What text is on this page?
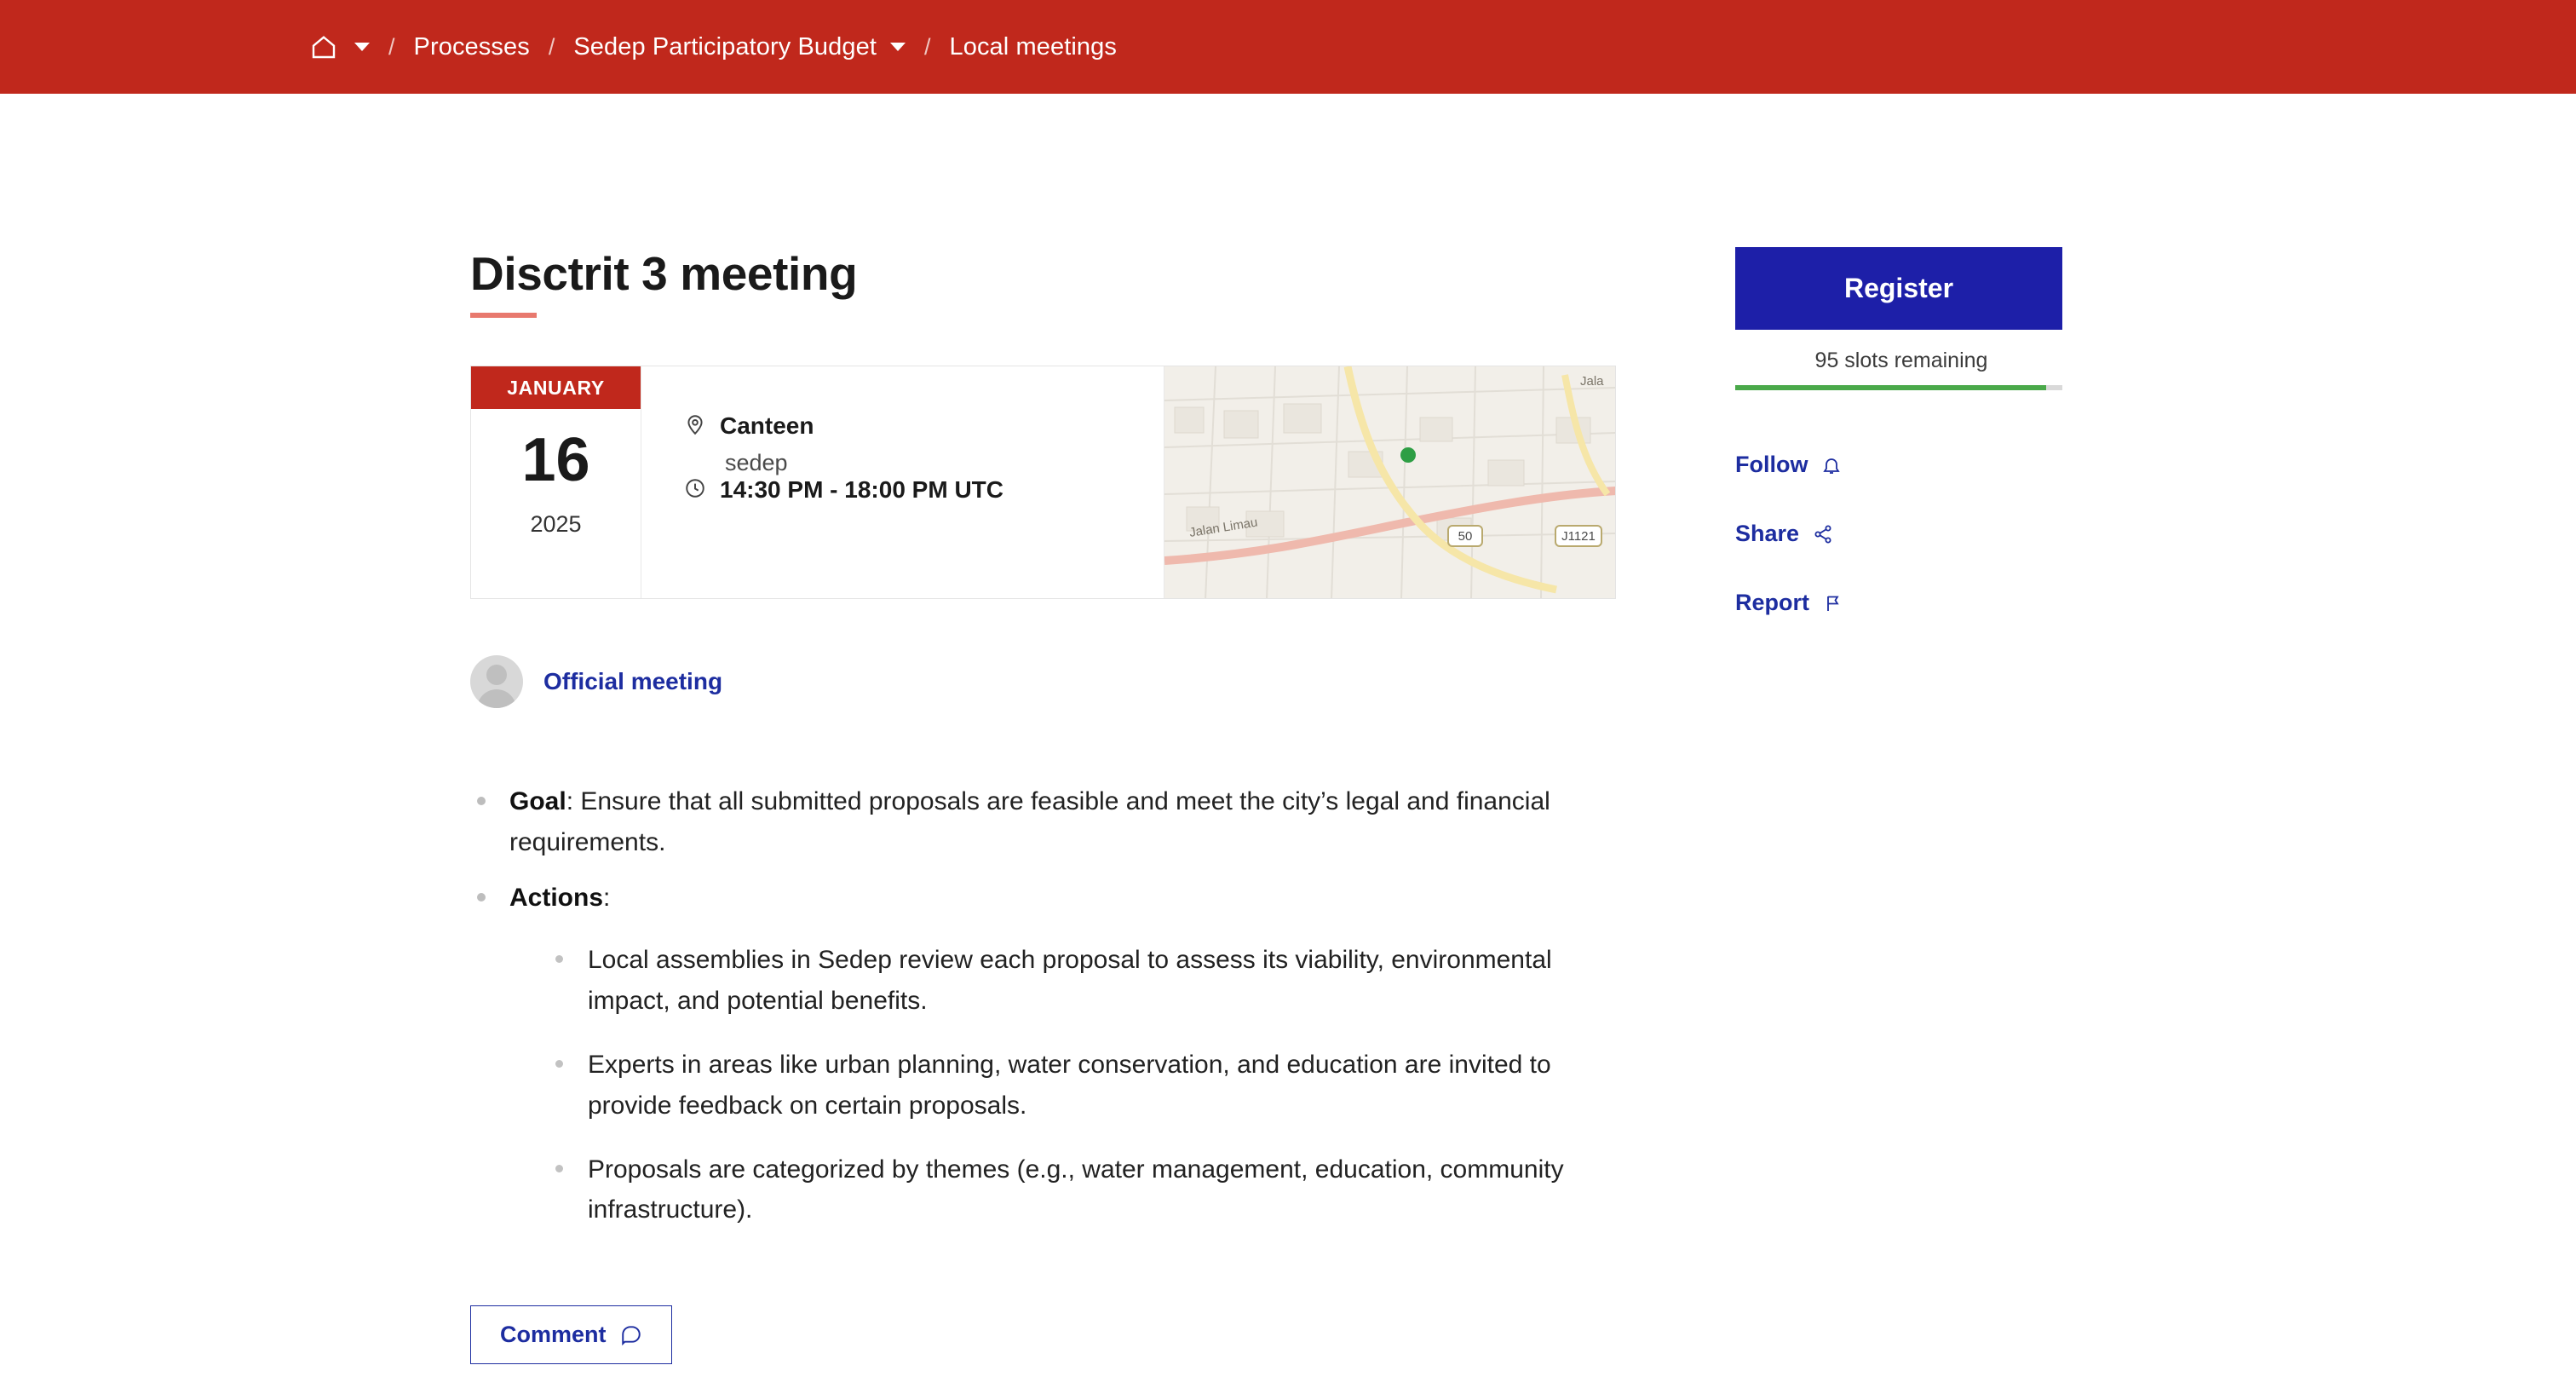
/ Processes / Sedep Participatory Budget / Local meetings
Disctrit 3 meeting
JANUARY
16
2025
Canteen
sedep
14:30 PM - 18:00 PM UTC
Jalan Limau
Jala
50	J1121
Official meeting
Goal: Ensure that all submitted proposals are feasible and meet the city’s legal and financial requirements.
Actions:
Local assemblies in Sedep review each proposal to assess its viability, environmental impact, and potential benefits.
Experts in areas like urban planning, water conservation, and education are invited to provide feedback on certain proposals.
Proposals are categorized by themes (e.g., water management, education, community infrastructure).
Comment
Register
95 slots remaining
Follow
Share
Report
